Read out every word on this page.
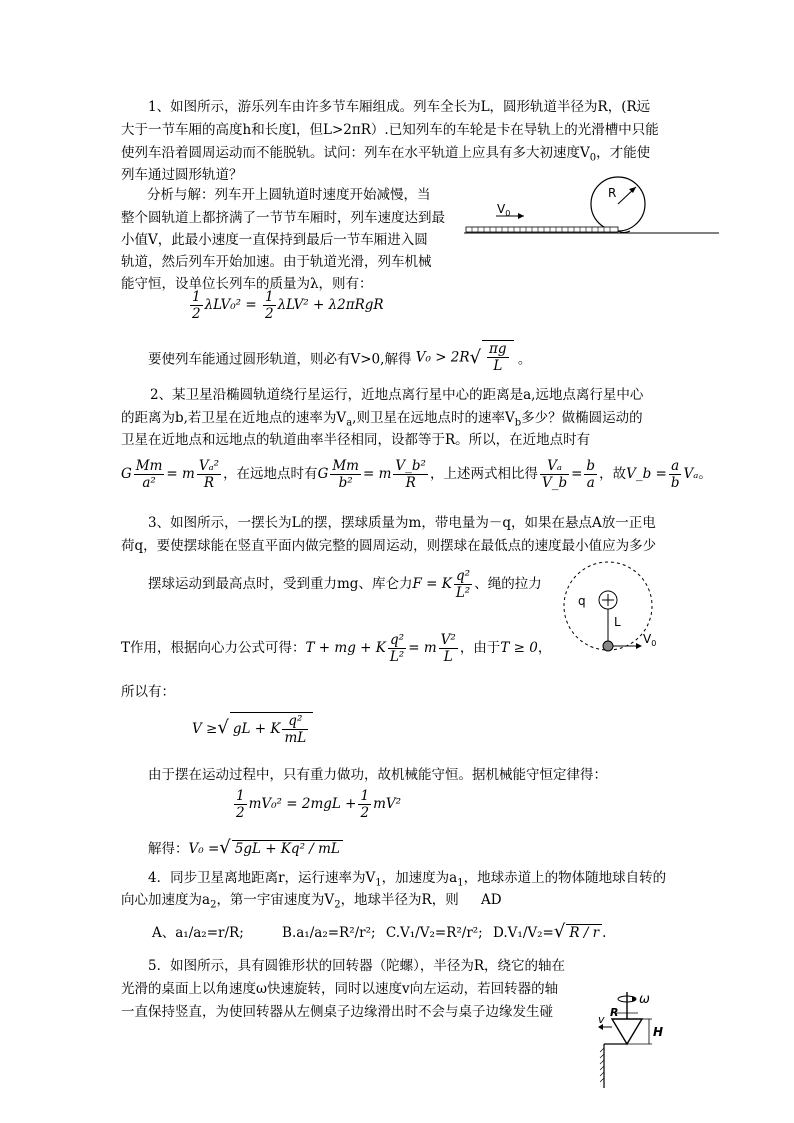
1、如图所示，游乐列车由许多节车厢组成。列车全长为L，圆形轨道半径为R，(R远
大于一节车厢的高度h和长度l，但L>2πR）.已知列车的车轮是卡在导轨上的光滑槽中只能
使列车沿着圆周运动而不能脱轨。试问：列车在水平轨道上应具有多大初速度$V_0$，才能使
列车通过圆形轨道？
分析与解：列车开上圆轨道时速度开始减慢，当
整个圆轨道上都挤满了一节节车厢时，列车速度达到最
小值V，此最小速度一直保持到最后一节车厢进入圆
轨道，然后列车开始加速。由于轨道光滑，列车机械
能守恒，设单位长列车的质量为λ，则有：
$\frac{1}{2} \lambda LV_0^2 = \frac{1}{2} \lambda LV^2 + \lambda 2\pi RgR$
要使列车能通过圆形轨道，则必有V>0,解得 $V_0 > 2R√ \frac{\pi g}{L}$ 。
R
$V_0$
2、某卫星沿椭圆轨道绕行星运行，近地点离行星中心的距离是a,远地点离行星中心
的距离为b,若卫星在近地点的速率为$V_a$,则卫星在远地点时的速率$V_b$多少？做椭圆运动的
卫星在近地点和远地点的轨道曲率半径相同，设都等于R。所以，在近地点时有
G $\frac{Mm}{\text{a²}} = m \frac{\text{Vₐ²}}{R}$ ，在远地点时有G $\frac{Mm}{\text{b²}} = m \frac{\text{V\_b²}}{R}$ ，上述两式相比得 $\frac{\text{Vₐ}}{V\_b} = \frac{b}{a}$ ，故V_b = $\frac{a}{b}$ Vₐ。
3、如图所示，一摆长为L的摆，摆球质量为m，带电量为－q，如果在悬点A放一正电
荷q，要使摆球能在竖直平面内做完整的圆周运动，则摆球在最低点的速度最小值应为多少
摆球运动到最高点时，受到重力mg、库仑力F = K $\frac{\text{q²}}{\text{L²}}$ 、绳的拉力
T作用，根据向心力公式可得：T + mg + K $\frac{\text{q²}}{\text{L²}} = m \frac{\text{V²}}{L}$ ，由于T ≥ 0，
所以有：
V ≥√ gL + K $\frac{\text{q²}}{mL}$
由于摆在运动过程中，只有重力做功，故机械能守恒。据机械能守恒定律得：
$\frac{1}{2} mV_0^2 = 2mgL + \frac{1}{2} mV^2$
解得：V₀ =√ 5gL + Kq² / mL
q
L
$V_0$
4．同步卫星离地距离r，运行速率为$V_1$，加速度为$a_1$，地球赤道上的物体随地球自转的
向心加速度为$a_2$，第一宇宙速度为$V_2$，地球半径为R，则 AD
A、a₁/a₂=r/R;	B.a₁/a₂=R²/r²; C.V₁/V₂=R²/r²; D.V₁/V₂=√ R / r .
5．如图所示，具有圆锥形状的回转器（陀螺），半径为R，绕它的轴在
光滑的桌面上以角速度ω快速旋转，同时以速度v向左运动，若回转器的轴
一直保持竖直，为使回转器从左侧桌子边缘滑出时不会与桌子边缘发生碰
ω
R
v
H
